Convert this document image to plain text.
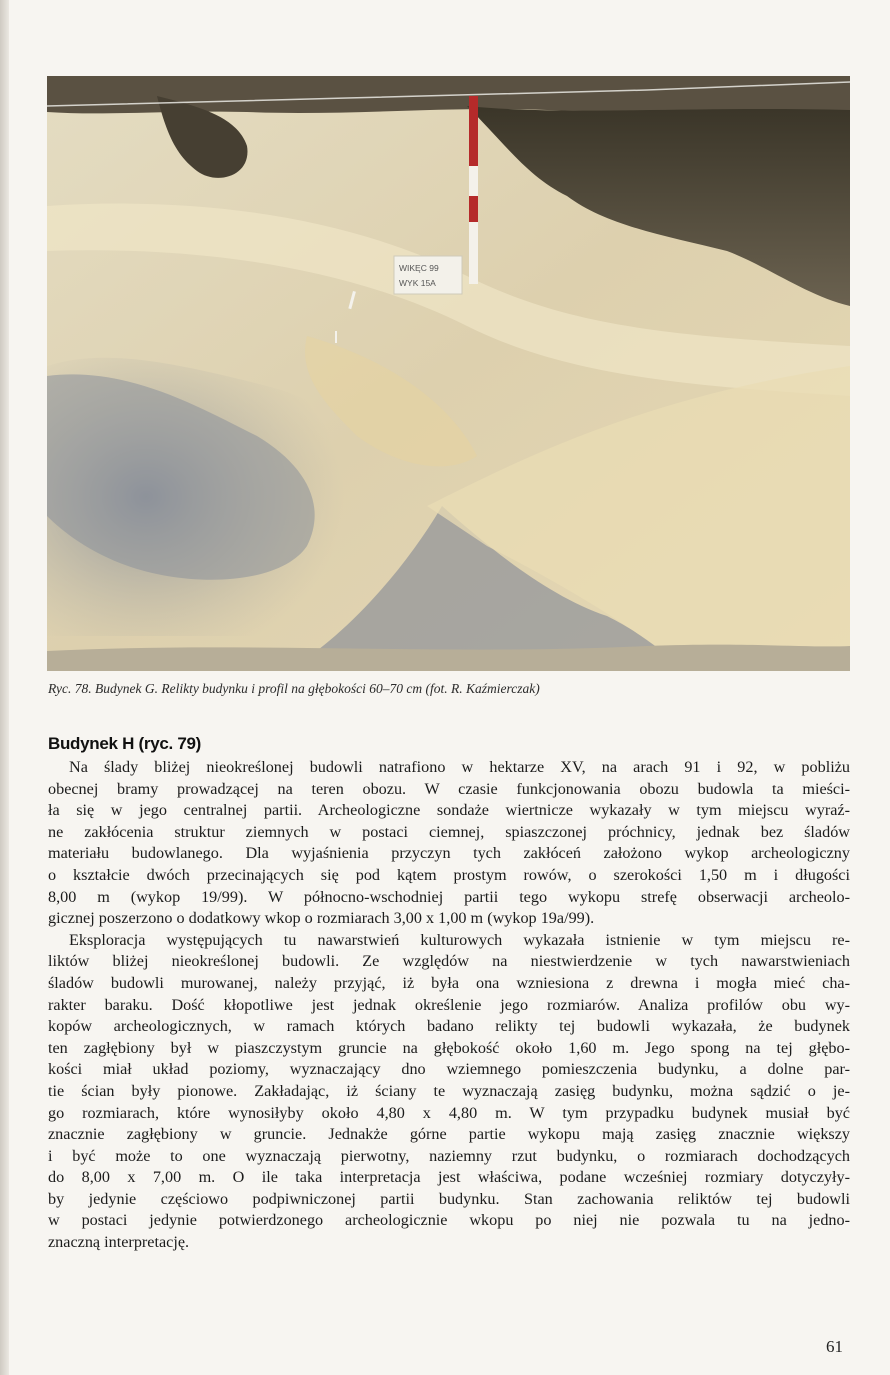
WIKĘC 99
WYK 15A
Ryc. 78. Budynek G. Relikty budynku i profil na głębokości 60–70 cm (fot. R. Kaźmierczak)
Budynek H (ryc. 79)

Na ślady bliżej nieokreślonej budowli natrafiono w hektarze XV, na arach 91 i 92, w pobliżu
obecnej bramy prowadzącej na teren obozu. W czasie funkcjonowania obozu budowla ta mieści-
ła się w jego centralnej partii. Archeologiczne sondaże wiertnicze wykazały w tym miejscu wyraź-
ne zakłócenia struktur ziemnych w postaci ciemnej, spiaszczonej próchnicy, jednak bez śladów
materiału budowlanego. Dla wyjaśnienia przyczyn tych zakłóceń założono wykop archeologiczny
o kształcie dwóch przecinających się pod kątem prostym rowów, o szerokości 1,50 m i długości
8,00 m (wykop 19/99). W północno-wschodniej partii tego wykopu strefę obserwacji archeolo-
gicznej poszerzono o dodatkowy wkop o rozmiarach 3,00 x 1,00 m (wykop 19a/99).

Eksploracja występujących tu nawarstwień kulturowych wykazała istnienie w tym miejscu re-
liktów bliżej nieokreślonej budowli. Ze względów na niestwierdzenie w tych nawarstwieniach
śladów budowli murowanej, należy przyjąć, iż była ona wzniesiona z drewna i mogła mieć cha-
rakter baraku. Dość kłopotliwe jest jednak określenie jego rozmiarów. Analiza profilów obu wy-
kopów archeologicznych, w ramach których badano relikty tej budowli wykazała, że budynek
ten zagłębiony był w piaszczystym gruncie na głębokość około 1,60 m. Jego spong na tej głębo-
kości miał układ poziomy, wyznaczający dno wziemnego pomieszczenia budynku, a dolne par-
tie ścian były pionowe. Zakładając, iż ściany te wyznaczają zasięg budynku, można sądzić o je-
go rozmiarach, które wynosiłyby około 4,80 x 4,80 m. W tym przypadku budynek musiał być
znacznie zagłębiony w gruncie. Jednakże górne partie wykopu mają zasięg znacznie większy
i być może to one wyznaczają pierwotny, naziemny rzut budynku, o rozmiarach dochodzących
do 8,00 x 7,00 m. O ile taka interpretacja jest właściwa, podane wcześniej rozmiary dotyczyły-
by jedynie częściowo podpiwniczonej partii budynku. Stan zachowania reliktów tej budowli
w postaci jedynie potwierdzonego archeologicznie wkopu po niej nie pozwala tu na jedno-
znaczną interpretację.

61
